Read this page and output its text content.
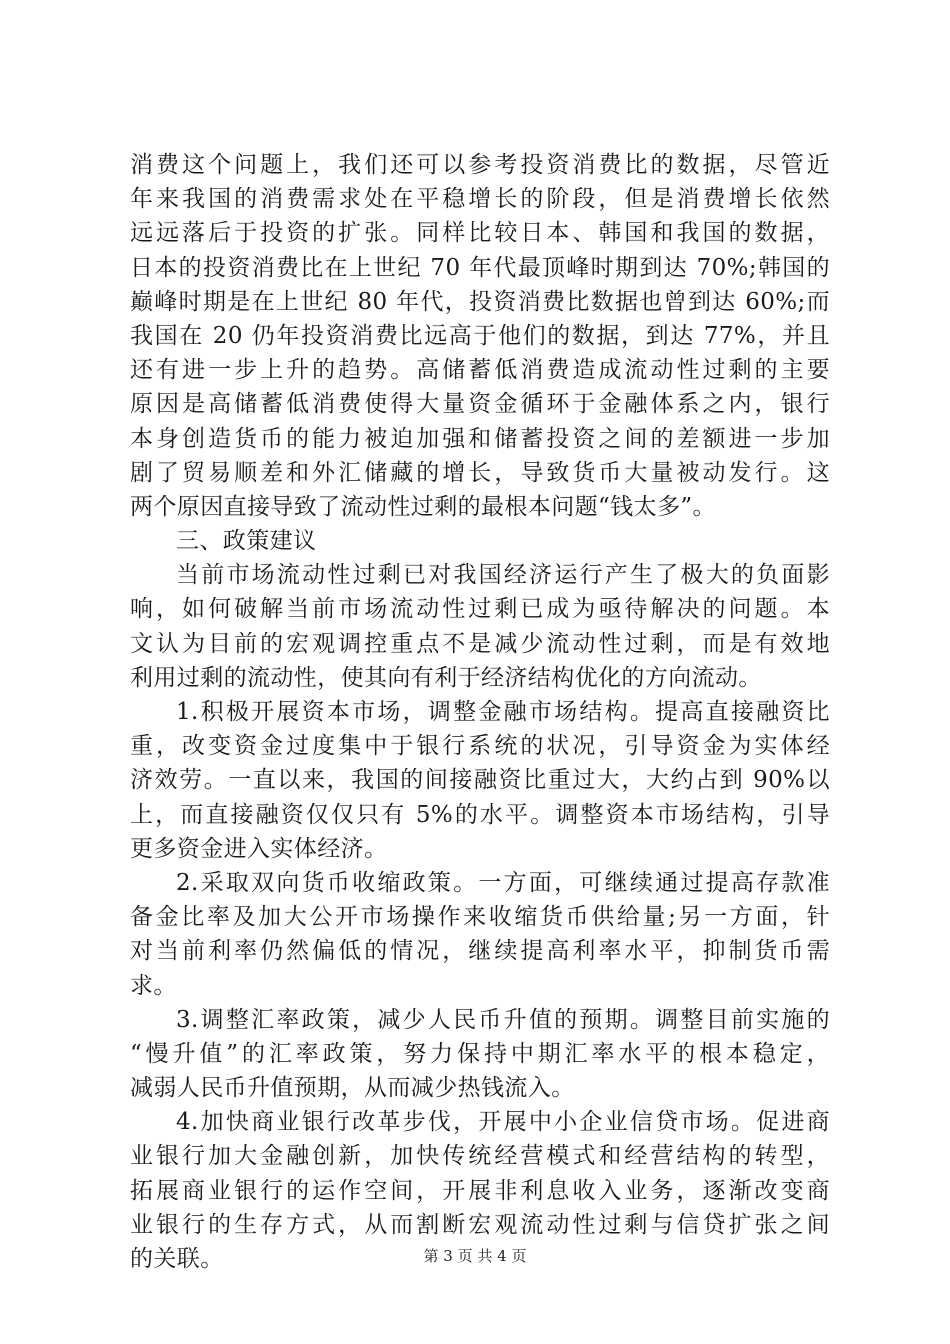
消费这个问题上，我们还可以参考投资消费比的数据，尽管近
年来我国的消费需求处在平稳增长的阶段，但是消费增长依然
远远落后于投资的扩张。同样比较日本、韩国和我国的数据，
日本的投资消费比在上世纪 70 年代最顶峰时期到达 70%;韩国的
巅峰时期是在上世纪 80 年代，投资消费比数据也曾到达 60%;而
我国在 20 仍年投资消费比远高于他们的数据，到达 77%，并且
还有进一步上升的趋势。高储蓄低消费造成流动性过剩的主要
原因是高储蓄低消费使得大量资金循环于金融体系之内，银行
本身创造货币的能力被迫加强和储蓄投资之间的差额进一步加
剧了贸易顺差和外汇储藏的增长，导致货币大量被动发行。这
两个原因直接导致了流动性过剩的最根本问题“钱太多”。
三、政策建议
当前市场流动性过剩已对我国经济运行产生了极大的负面影
响，如何破解当前市场流动性过剩已成为亟待解决的问题。本
文认为目前的宏观调控重点不是减少流动性过剩，而是有效地
利用过剩的流动性，使其向有利于经济结构优化的方向流动。
1.积极开展资本市场，调整金融市场结构。提高直接融资比
重，改变资金过度集中于银行系统的状况，引导资金为实体经
济效劳。一直以来，我国的间接融资比重过大，大约占到 90%以
上，而直接融资仅仅只有 5%的水平。调整资本市场结构，引导
更多资金进入实体经济。
2.采取双向货币收缩政策。一方面，可继续通过提高存款准
备金比率及加大公开市场操作来收缩货币供给量;另一方面，针
对当前利率仍然偏低的情况，继续提高利率水平，抑制货币需
求。
3.调整汇率政策，减少人民币升值的预期。调整目前实施的
“慢升值”的汇率政策，努力保持中期汇率水平的根本稳定，
减弱人民币升值预期，从而减少热钱流入。
4.加快商业银行改革步伐，开展中小企业信贷市场。促进商
业银行加大金融创新，加快传统经营模式和经营结构的转型，
拓展商业银行的运作空间，开展非利息收入业务，逐渐改变商
业银行的生存方式，从而割断宏观流动性过剩与信贷扩张之间
的关联。	第 3 页 共 4 页
